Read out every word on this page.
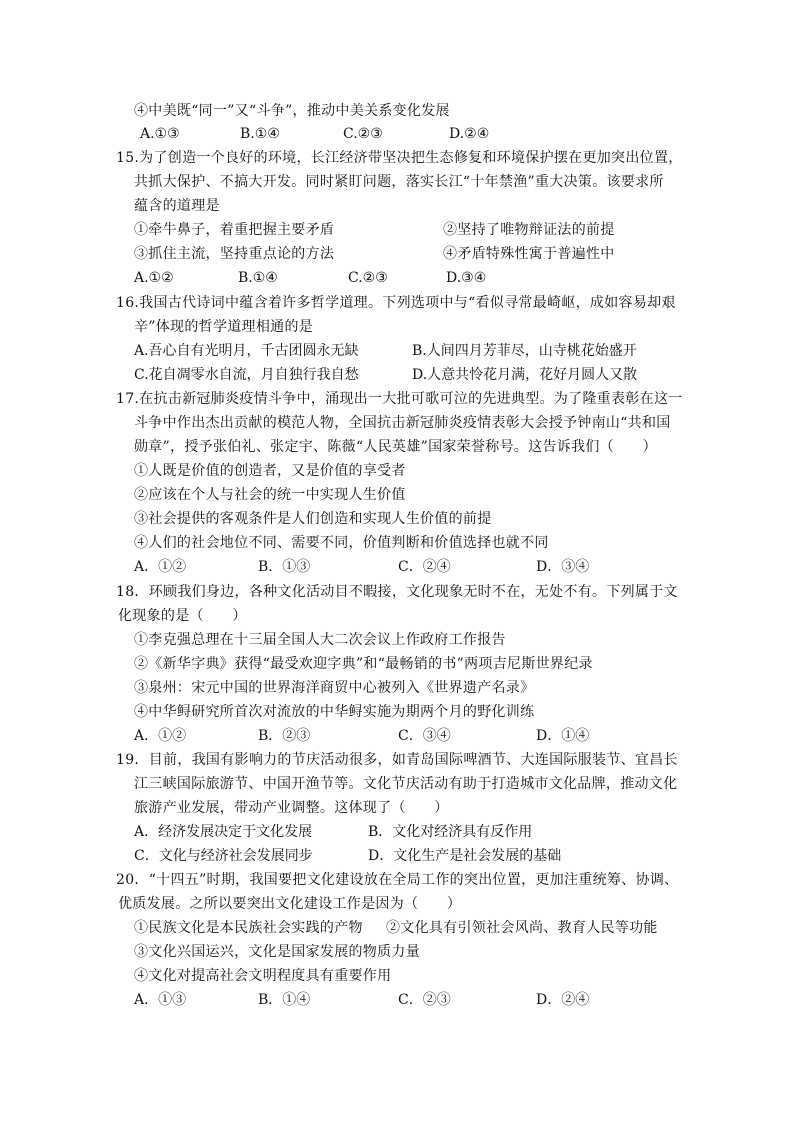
④中美既“同一”又“斗争”，推动中美关系变化发展
A.①③	B.①④	C.②③	D.②④
15.为了创造一个良好的环境，长江经济带坚决把生态修复和环境保护摆在更加突出位置，
共抓大保护、不搞大开发。同时紧盯问题，落实长江“十年禁渔”重大决策。该要求所
蕴含的道理是
①牵牛鼻子，着重把握主要矛盾	②坚持了唯物辩证法的前提
③抓住主流，坚持重点论的方法	④矛盾特殊性寓于普遍性中
A.①②	B.①④	C.②③	D.③④
16.我国古代诗词中蕴含着许多哲学道理。下列选项中与“看似寻常最崎岖，成如容易却艰
辛”体现的哲学道理相通的是
A.吾心自有光明月，千古团圆永无缺	B.人间四月芳菲尽，山寺桃花始盛开
C.花自凋零水自流，月自独行我自愁	D.人意共怜花月满，花好月圆人又散
17.在抗击新冠肺炎疫情斗争中，涌现出一大批可歌可泣的先进典型。为了隆重表彰在这一
斗争中作出杰出贡献的模范人物，全国抗击新冠肺炎疫情表彰大会授予钟南山“共和国
勋章”，授予张伯礼、张定宇、陈薇“人民英雄”国家荣誉称号。这告诉我们（　　）
①人既是价值的创造者，又是价值的享受者
②应该在个人与社会的统一中实现人生价值
③社会提供的客观条件是人们创造和实现人生价值的前提
④人们的社会地位不同、需要不同，价值判断和价值选择也就不同
A．①②	B．①③	C．②④	D．③④
18．环顾我们身边，各种文化活动目不暇接，文化现象无时不在，无处不有。下列属于文
化现象的是（　　）
①李克强总理在十三届全国人大二次会议上作政府工作报告
②《新华字典》获得“最受欢迎字典”和“最畅销的书”两项吉尼斯世界纪录
③泉州：宋元中国的世界海洋商贸中心被列入《世界遗产名录》
④中华鲟研究所首次对流放的中华鲟实施为期两个月的野化训练
A．①②	B．②③	C．③④	D．①④
19．目前，我国有影响力的节庆活动很多，如青岛国际啤酒节、大连国际服装节、宜昌长
江三峡国际旅游节、中国开渔节等。文化节庆活动有助于打造城市文化品牌，推动文化
旅游产业发展，带动产业调整。这体现了（　　）
A．经济发展决定于文化发展	B．文化对经济具有反作用
C．文化与经济社会发展同步	D．文化生产是社会发展的基础
20．“十四五”时期，我国要把文化建设放在全局工作的突出位置，更加注重统筹、协调、
优质发展。之所以要突出文化建设工作是因为（　　）
①民族文化是本民族社会实践的产物 ②文化具有引领社会风尚、教育人民等功能
③文化兴国运兴，文化是国家发展的物质力量
④文化对提高社会文明程度具有重要作用
A．①③	B．①④	C．②③	D．②④
